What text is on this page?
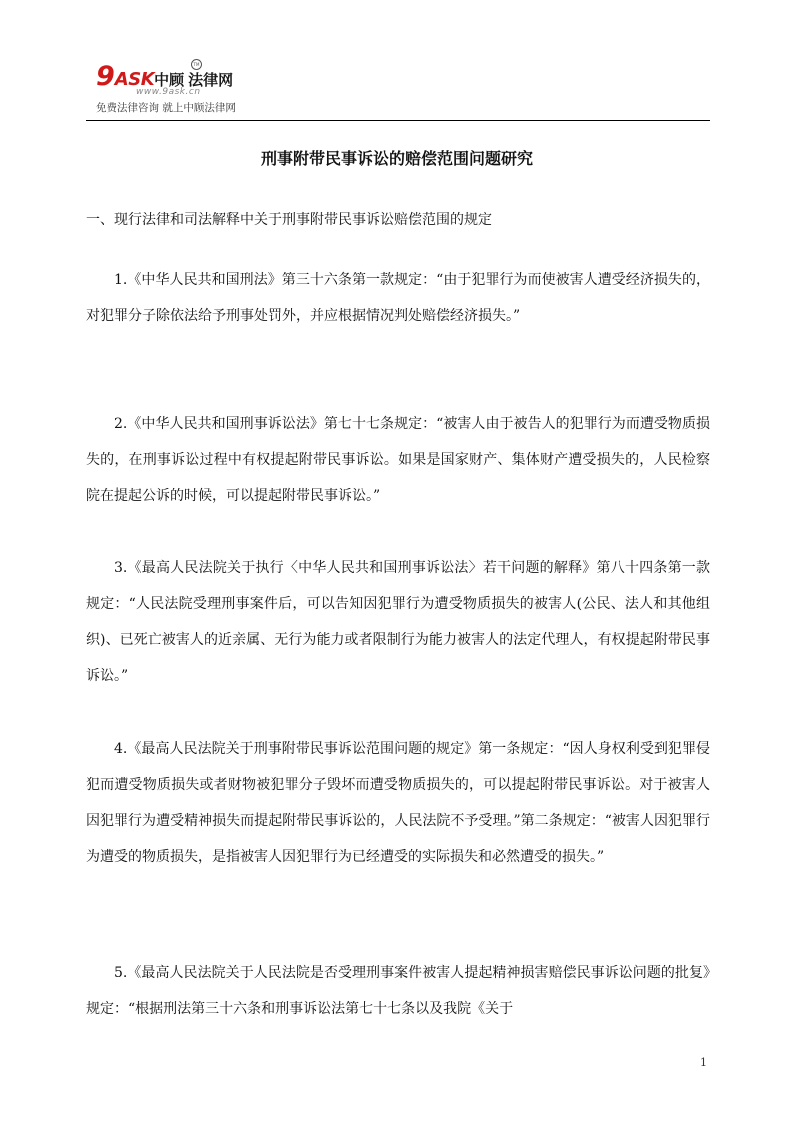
9ASK中顾 法律网
TM
www.9ask.cn
免费法律咨询 就上中顾法律网
刑事附带民事诉讼的赔偿范围问题研究
一、现行法律和司法解释中关于刑事附带民事诉讼赔偿范围的规定

1.《中华人民共和国刑法》第三十六条第一款规定：“由于犯罪行为而使被害人遭受经济损失的，对犯罪分子除依法给予刑事处罚外，并应根据情况判处赔偿经济损失。”

2.《中华人民共和国刑事诉讼法》第七十七条规定：“被害人由于被告人的犯罪行为而遭受物质损失的，在刑事诉讼过程中有权提起附带民事诉讼。如果是国家财产、集体财产遭受损失的，人民检察院在提起公诉的时候，可以提起附带民事诉讼。”

3.《最高人民法院关于执行〈中华人民共和国刑事诉讼法〉若干问题的解释》第八十四条第一款规定：“人民法院受理刑事案件后，可以告知因犯罪行为遭受物质损失的被害人(公民、法人和其他组织)、已死亡被害人的近亲属、无行为能力或者限制行为能力被害人的法定代理人，有权提起附带民事诉讼。”

4.《最高人民法院关于刑事附带民事诉讼范围问题的规定》第一条规定：“因人身权利受到犯罪侵犯而遭受物质损失或者财物被犯罪分子毁坏而遭受物质损失的，可以提起附带民事诉讼。对于被害人因犯罪行为遭受精神损失而提起附带民事诉讼的，人民法院不予受理。”第二条规定：“被害人因犯罪行为遭受的物质损失，是指被害人因犯罪行为已经遭受的实际损失和必然遭受的损失。”

5.《最高人民法院关于人民法院是否受理刑事案件被害人提起精神损害赔偿民事诉讼问题的批复》规定：“根据刑法第三十六条和刑事诉讼法第七十七条以及我院《关于

1
